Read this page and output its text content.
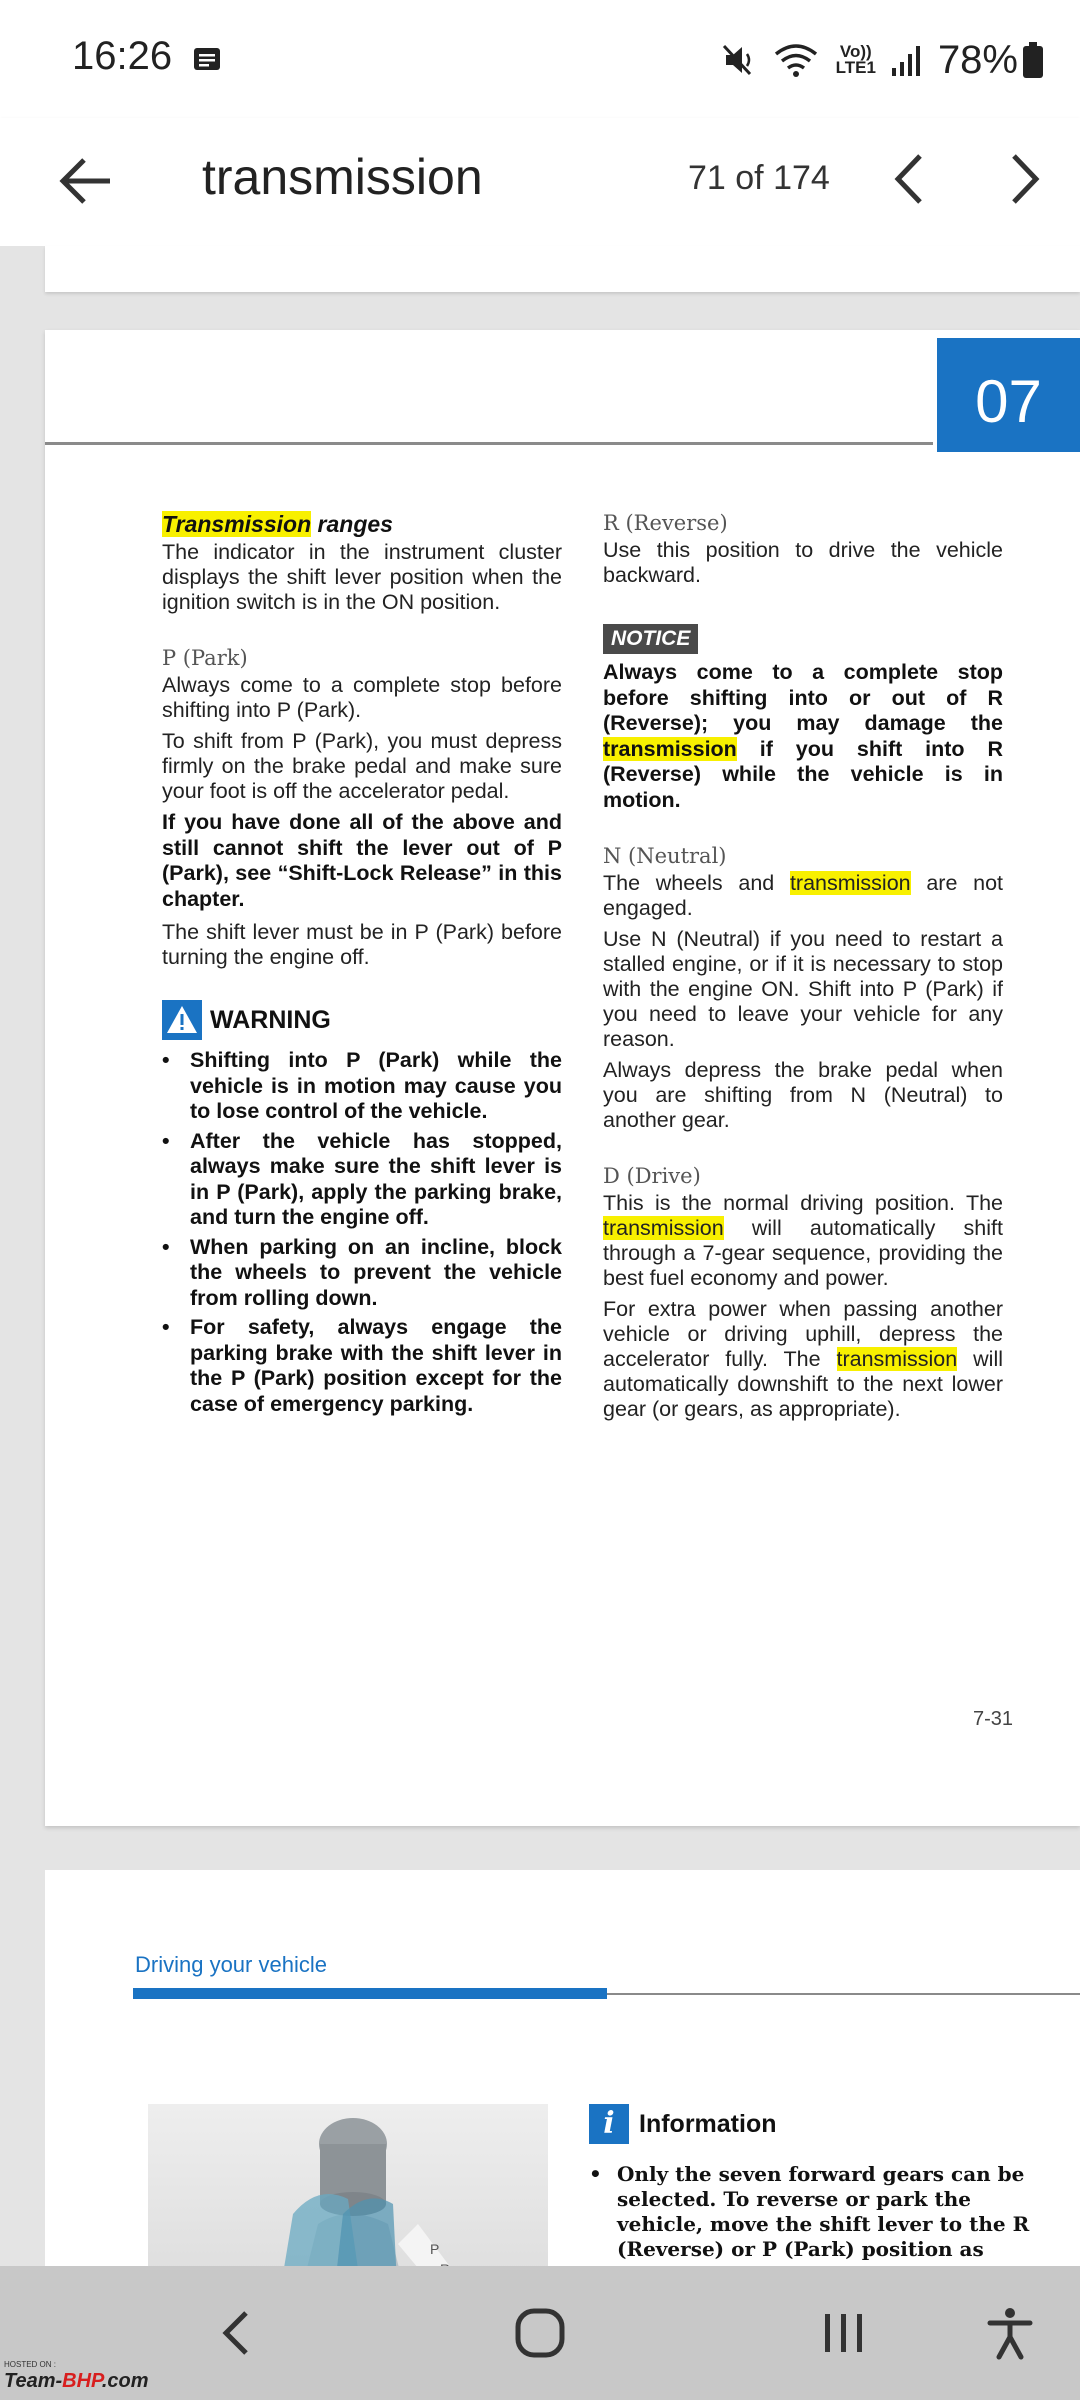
16:26	Vo))
LTE1 78%
transmission	71 of 174
07
Transmission ranges

The indicator in the instrument cluster displays the shift lever position when the ignition switch is in the ON position.

P (Park)

Always come to a complete stop before shifting into P (Park).

To shift from P (Park), you must depress firmly on the brake pedal and make sure your foot is off the accelerator pedal.

If you have done all of the above and still cannot shift the lever out of P (Park), see “Shift-Lock Release” in this chapter.

The shift lever must be in P (Park) before turning the engine off.

WARNING
• Shifting into P (Park) while the vehicle is in motion may cause you to lose control of the vehicle.
• After the vehicle has stopped, always make sure the shift lever is in P (Park), apply the parking brake, and turn the engine off.
• When parking on an incline, block the wheels to prevent the vehicle from rolling down.
• For safety, always engage the parking brake with the shift lever in the P (Park) position except for the case of emergency parking.
R (Reverse)

Use this position to drive the vehicle backward.

NOTICE

Always come to a complete stop before shifting into or out of R (Reverse); you may damage the transmission if you shift into R (Reverse) while the vehicle is in motion.

N (Neutral)

The wheels and transmission are not engaged.

Use N (Neutral) if you need to restart a stalled engine, or if it is necessary to stop with the engine ON. Shift into P (Park) if you need to leave your vehicle for any reason.

Always depress the brake pedal when you are shifting from N (Neutral) to another gear.

D (Drive)

This is the normal driving position. The transmission will automatically shift through a 7-gear sequence, providing the best fuel economy and power.

For extra power when passing another vehicle or driving uphill, depress the accelerator fully. The transmission will automatically downshift to the next lower gear (or gears, as appropriate).

7-31
Driving your vehicle
P
i Information
• Only the seven forward gears can be selected. To reverse or park the vehicle, move the shift lever to the R (Reverse) or P (Park) position as
•
HOSTED ON :
Team-BHP.com
